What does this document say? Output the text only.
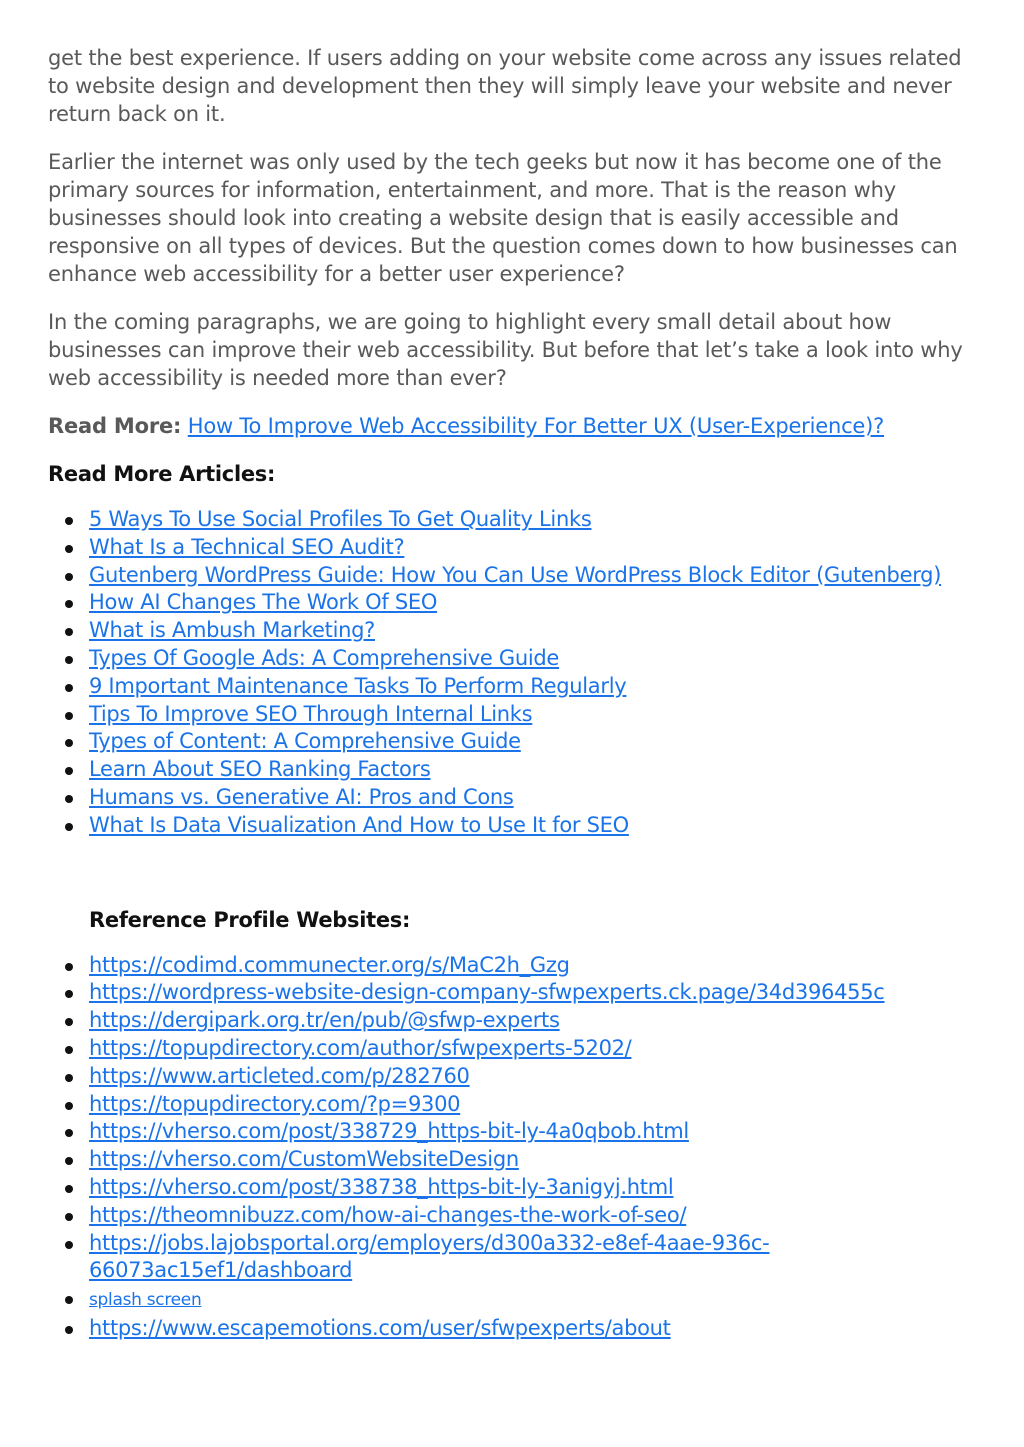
get the best experience. If users adding on your website come across any issues related to website design and development then they will simply leave your website and never return back on it.

Earlier the internet was only used by the tech geeks but now it has become one of the primary sources for information, entertainment, and more. That is the reason why businesses should look into creating a website design that is easily accessible and responsive on all types of devices. But the question comes down to how businesses can enhance web accessibility for a better user experience?

In the coming paragraphs, we are going to highlight every small detail about how businesses can improve their web accessibility. But before that let’s take a look into why web accessibility is needed more than ever?

Read More: How To Improve Web Accessibility For Better UX (User-Experience)?
Read More Articles:
5 Ways To Use Social Profiles To Get Quality Links
What Is a Technical SEO Audit?
Gutenberg WordPress Guide: How You Can Use WordPress Block Editor (Gutenberg)
How AI Changes The Work Of SEO
What is Ambush Marketing?
Types Of Google Ads: A Comprehensive Guide
9 Important Maintenance Tasks To Perform Regularly
Tips To Improve SEO Through Internal Links
Types of Content: A Comprehensive Guide
Learn About SEO Ranking Factors
Humans vs. Generative AI: Pros and Cons
What Is Data Visualization And How to Use It for SEO
Reference Profile Websites:
https://codimd.communecter.org/s/MaC2h_Gzg
https://wordpress-website-design-company-sfwpexperts.ck.page/34d396455c
https://dergipark.org.tr/en/pub/@sfwp-experts
https://topupdirectory.com/author/sfwpexperts-5202/
https://www.articleted.com/p/282760
https://topupdirectory.com/?p=9300
https://vherso.com/post/338729_https-bit-ly-4a0qbob.html
https://vherso.com/CustomWebsiteDesign
https://vherso.com/post/338738_https-bit-ly-3anigyj.html
https://theomnibuzz.com/how-ai-changes-the-work-of-seo/
https://jobs.lajobsportal.org/employers/d300a332-e8ef-4aae-936c-66073ac15ef1/dashboard
splash screen
https://www.escapemotions.com/user/sfwpexperts/about
